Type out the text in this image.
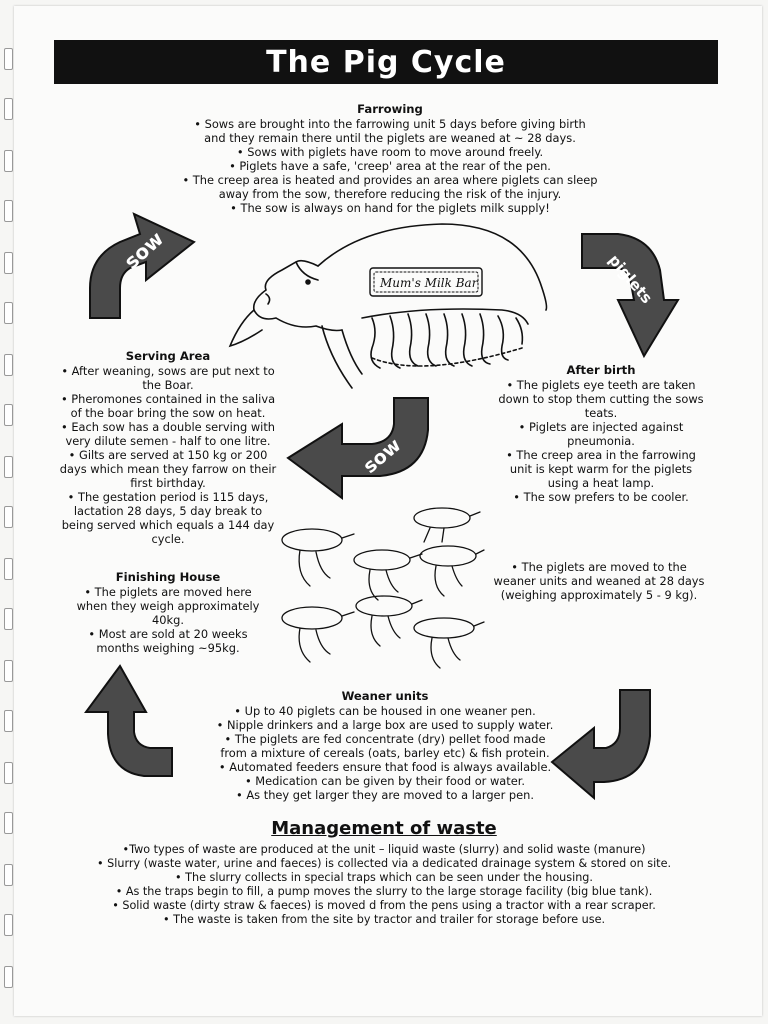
The Pig Cycle
Farrowing

• Sows are brought into the farrowing unit 5 days before giving birth

and they remain there until the piglets are weaned at ~ 28 days.

• Sows with piglets have room to move around freely.

• Piglets have a safe, 'creep' area at the rear of the pen.

• The creep area is heated and provides an area where piglets can sleep

away from the sow, therefore reducing the risk of the injury.

• The sow is always on hand for the piglets milk supply!

Serving Area

• After weaning, sows are put next to

the Boar.

• Pheromones contained in the saliva

of the boar bring the sow on heat.

• Each sow has a double serving with

very dilute semen - half to one litre.

• Gilts are served at 150 kg or 200

days which mean they farrow on their

first birthday.

• The gestation period is 115 days,

lactation 28 days, 5 day break to

being served which equals a 144 day

cycle.

After birth

• The piglets eye teeth are taken

down to stop them cutting the sows

teats.

• Piglets are injected against

pneumonia.

• The creep area in the farrowing

unit is kept warm for the piglets

using a heat lamp.

• The sow prefers to be cooler.

Finishing House

• The piglets are moved here

when they weigh approximately

40kg.

• Most are sold at 20 weeks

months weighing ~95kg.

• The piglets are moved to the

weaner units and weaned at 28 days

(weighing approximately 5 - 9 kg).

Weaner units

• Up to 40 piglets can be housed in one weaner pen.

• Nipple drinkers and a large box are used to supply water.

• The piglets are fed concentrate (dry) pellet food made

from a mixture of cereals (oats, barley etc) & fish protein.

• Automated feeders ensure that food is always available.

• Medication can be given by their food or water.

• As they get larger they are moved to a larger pen.

Management of waste

•Two types of waste are produced at the unit – liquid waste (slurry) and solid waste (manure)

• Slurry (waste water, urine and faeces) is collected via a dedicated drainage system & stored on site.

• The slurry collects in special traps which can be seen under the housing.

• As the traps begin to fill, a pump moves the slurry to the large storage facility (big blue tank).

• Solid waste (dirty straw & faeces) is moved d from the pens using a tractor with a rear scraper.

• The waste is taken from the site by tractor and trailer for storage before use.

sow
piglets
sow
Mum's Milk Bar
